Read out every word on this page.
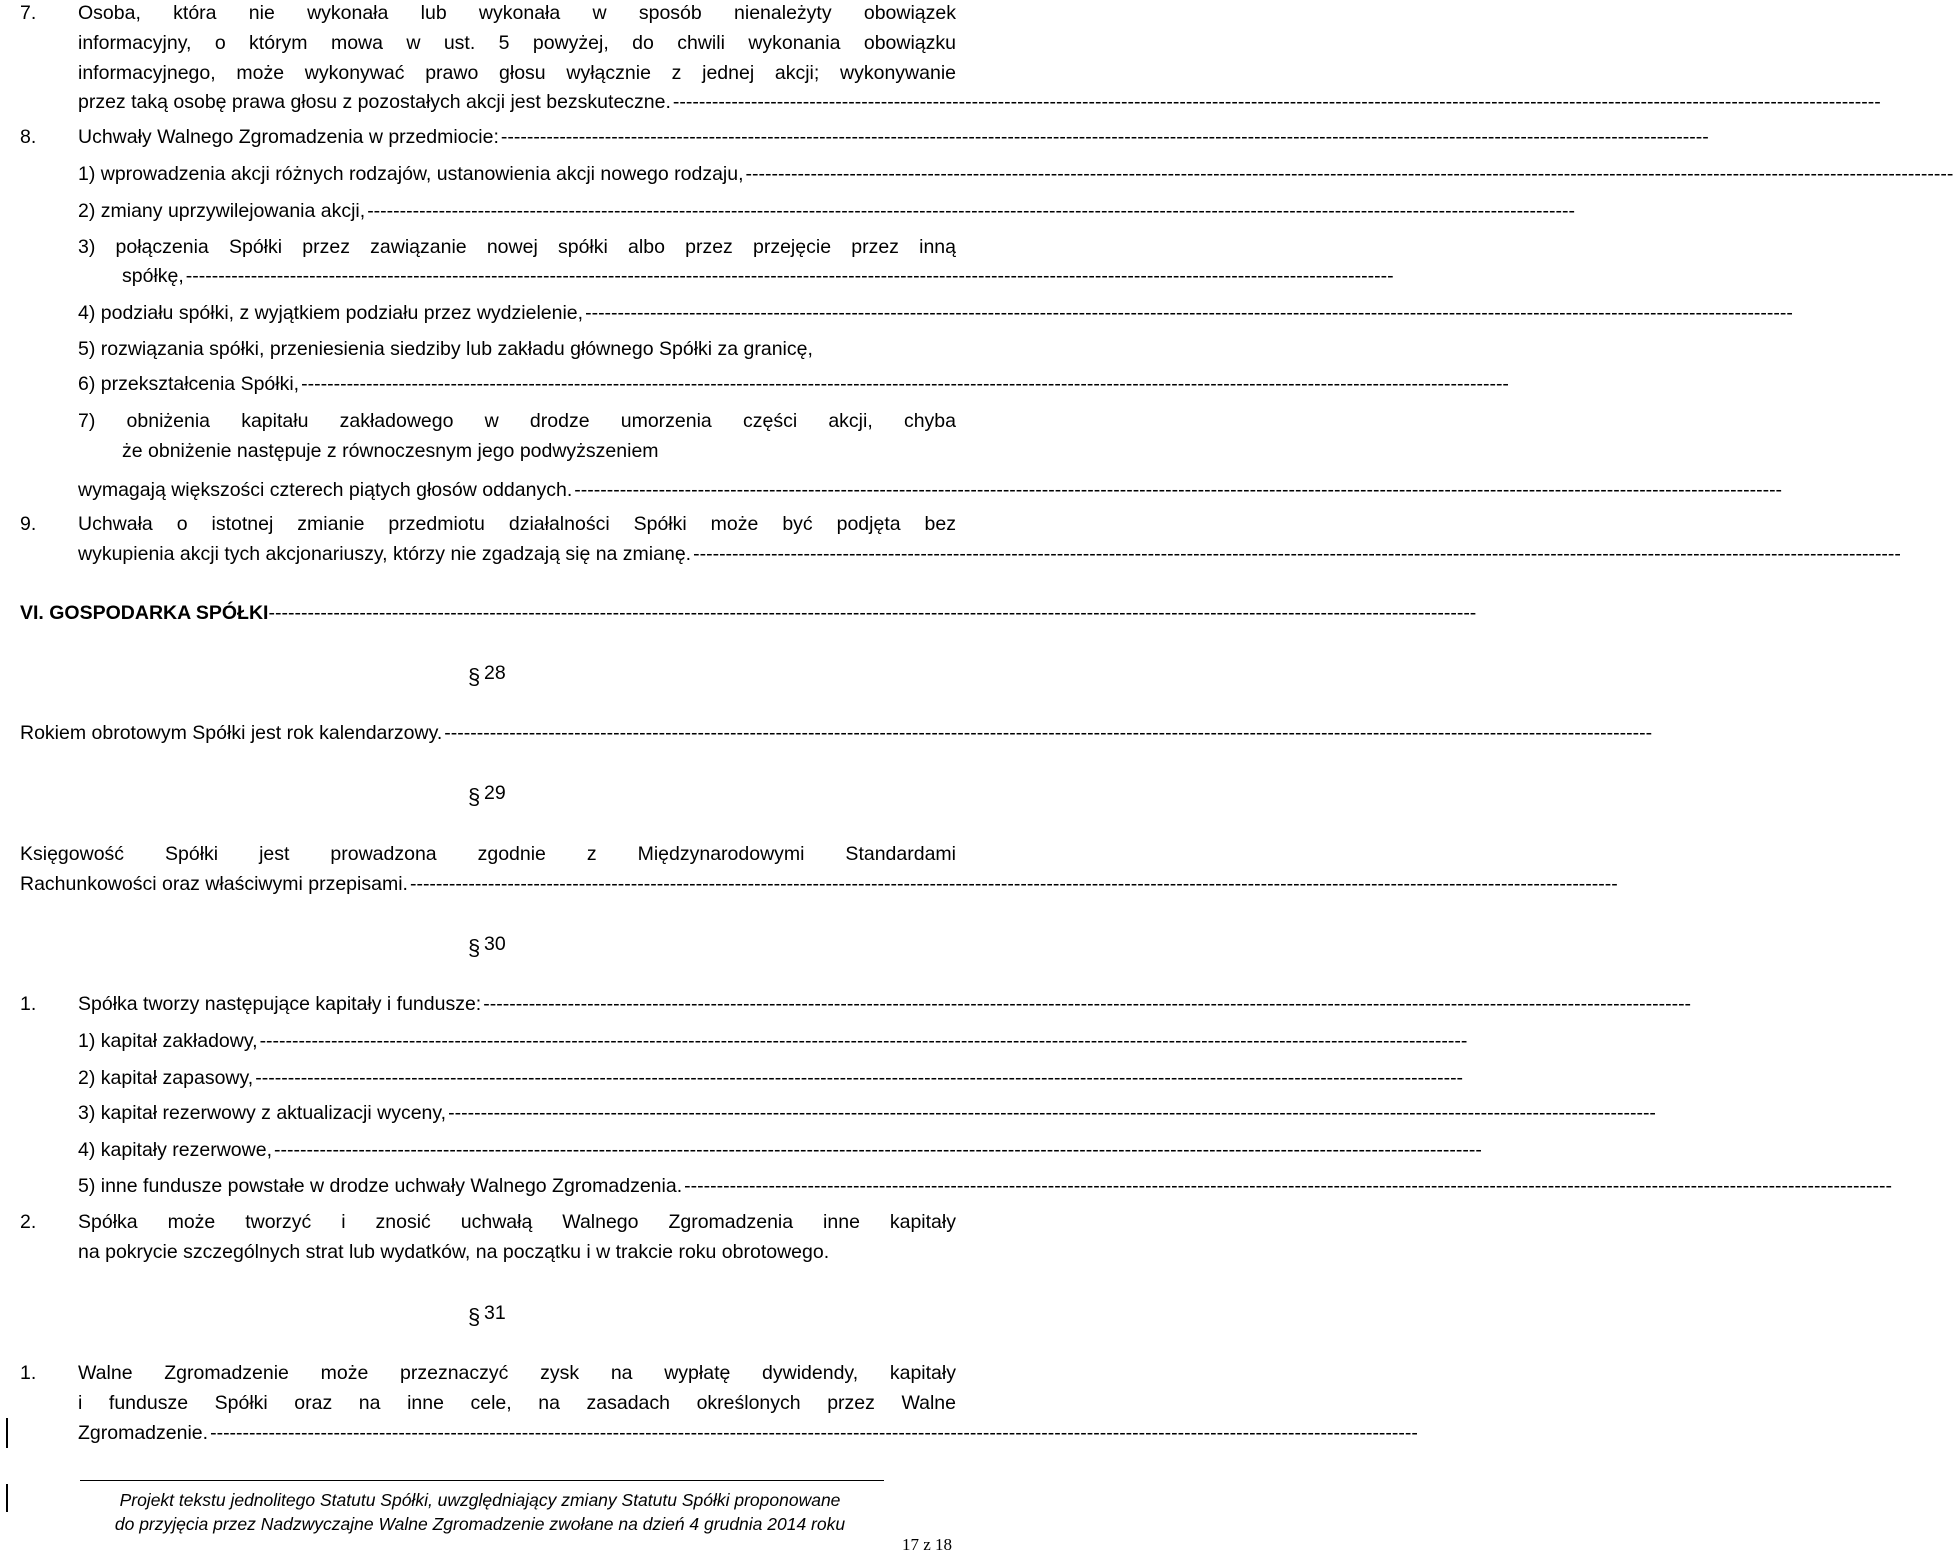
7. Osoba, która nie wykonała lub wykonała w sposób nienależyty obowiązek
informacyjny, o którym mowa w ust. 5 powyżej, do chwili wykonania obowiązku
informacyjnego, może wykonywać prawo głosu wyłącznie z jednej akcji; wykonywanie
przez taką osobę prawa głosu z pozostałych akcji jest bezskuteczne. ------------------------------------------------------------------------------------------------------------------------------------------------------------------------------------------
8. Uchwały Walnego Zgromadzenia w przedmiocie: ------------------------------------------------------------------------------------------------------------------------------------------------------------------------------------------
1) wprowadzenia akcji różnych rodzajów, ustanowienia akcji nowego rodzaju, ------------------------------------------------------------------------------------------------------------------------------------------------------------------------------------------
2) zmiany uprzywilejowania akcji, ------------------------------------------------------------------------------------------------------------------------------------------------------------------------------------------
3) połączenia Spółki przez zawiązanie nowej spółki albo przez przejęcie przez inną
spółkę, ------------------------------------------------------------------------------------------------------------------------------------------------------------------------------------------
4) podziału spółki, z wyjątkiem podziału przez wydzielenie, ------------------------------------------------------------------------------------------------------------------------------------------------------------------------------------------
5) rozwiązania spółki, przeniesienia siedziby lub zakładu głównego Spółki za granicę,
6) przekształcenia Spółki, ------------------------------------------------------------------------------------------------------------------------------------------------------------------------------------------
7) obniżenia kapitału zakładowego w drodze umorzenia części akcji, chyba
że obniżenie następuje z równoczesnym jego podwyższeniem
wymagają większości czterech piątych głosów oddanych. ------------------------------------------------------------------------------------------------------------------------------------------------------------------------------------------
9. Uchwała o istotnej zmianie przedmiotu działalności Spółki może być podjęta bez
wykupienia akcji tych akcjonariuszy, którzy nie zgadzają się na zmianę. ------------------------------------------------------------------------------------------------------------------------------------------------------------------------------------------
VI. GOSPODARKA SPÓŁKI ------------------------------------------------------------------------------------------------------------------------------------------------------------------------------------------
§ 28
Rokiem obrotowym Spółki jest rok kalendarzowy. ------------------------------------------------------------------------------------------------------------------------------------------------------------------------------------------
§ 29
Księgowość Spółki jest prowadzona zgodnie z Międzynarodowymi Standardami
Rachunkowości oraz właściwymi przepisami. ------------------------------------------------------------------------------------------------------------------------------------------------------------------------------------------
§ 30
1. Spółka tworzy następujące kapitały i fundusze: ------------------------------------------------------------------------------------------------------------------------------------------------------------------------------------------
1) kapitał zakładowy, ------------------------------------------------------------------------------------------------------------------------------------------------------------------------------------------
2) kapitał zapasowy, ------------------------------------------------------------------------------------------------------------------------------------------------------------------------------------------
3) kapitał rezerwowy z aktualizacji wyceny, ------------------------------------------------------------------------------------------------------------------------------------------------------------------------------------------
4) kapitały rezerwowe, ------------------------------------------------------------------------------------------------------------------------------------------------------------------------------------------
5) inne fundusze powstałe w drodze uchwały Walnego Zgromadzenia. ------------------------------------------------------------------------------------------------------------------------------------------------------------------------------------------
2. Spółka może tworzyć i znosić uchwałą Walnego Zgromadzenia inne kapitały
na pokrycie szczególnych strat lub wydatków, na początku i w trakcie roku obrotowego.
§ 31
1. Walne Zgromadzenie może przeznaczyć zysk na wypłatę dywidendy, kapitały
i fundusze Spółki oraz na inne cele, na zasadach określonych przez Walne
Zgromadzenie. ------------------------------------------------------------------------------------------------------------------------------------------------------------------------------------------
Projekt tekstu jednolitego Statutu Spółki, uwzględniający zmiany Statutu Spółki proponowane
do przyjęcia przez Nadzwyczajne Walne Zgromadzenie zwołane na dzień 4 grudnia 2014 roku
17 z 18
